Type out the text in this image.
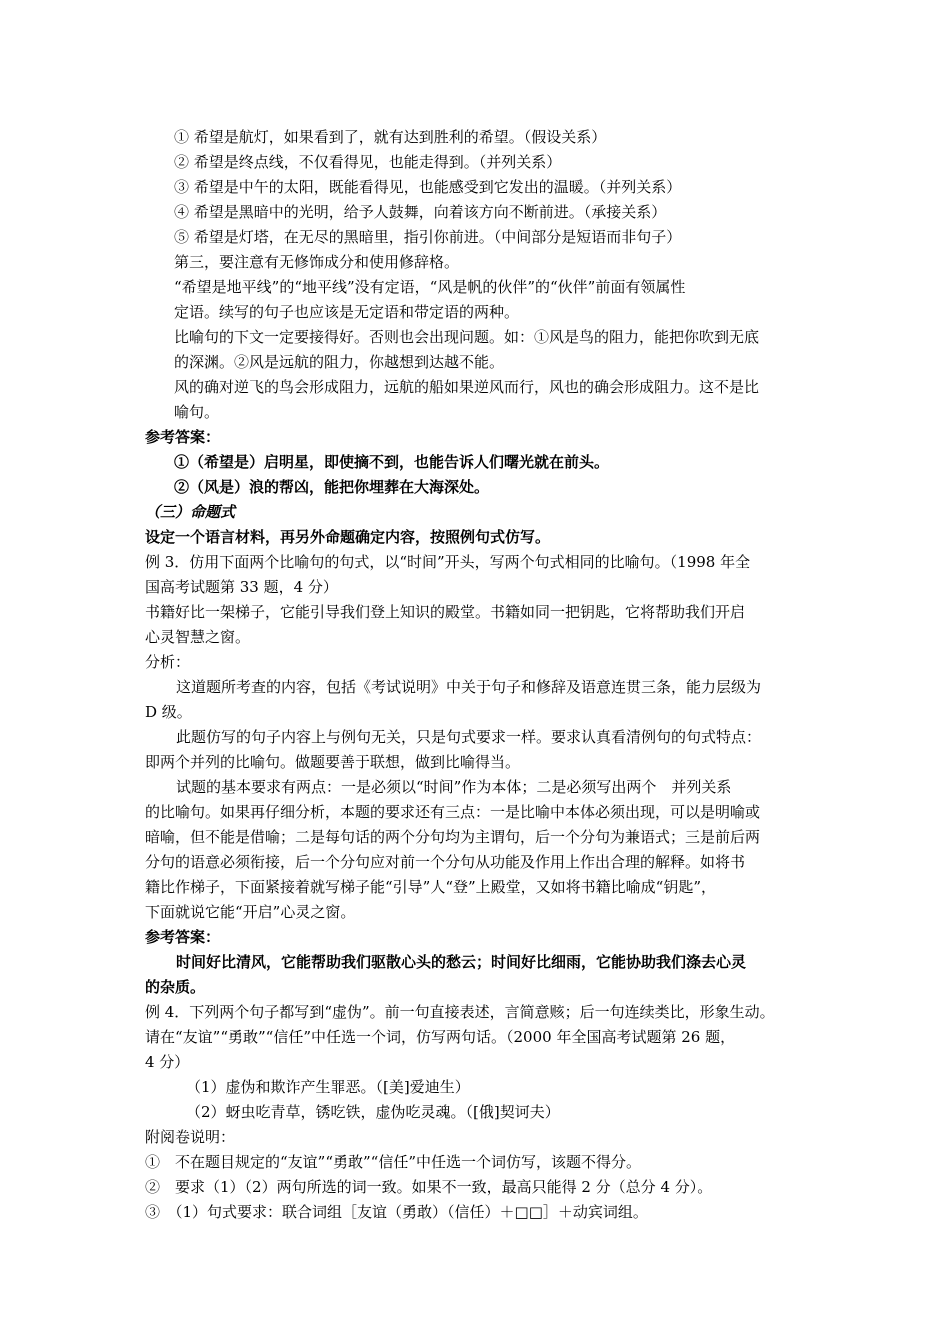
① 希望是航灯，如果看到了，就有达到胜利的希望。（假设关系）
② 希望是终点线，不仅看得见，也能走得到。（并列关系）
③ 希望是中午的太阳，既能看得见，也能感受到它发出的温暖。（并列关系）
④ 希望是黑暗中的光明，给予人鼓舞，向着该方向不断前进。（承接关系）
⑤ 希望是灯塔，在无尽的黑暗里，指引你前进。（中间部分是短语而非句子）
第三，要注意有无修饰成分和使用修辞格。
“希望是地平线”的“地平线”没有定语，“风是帆的伙伴”的“伙伴”前面有领属性
定语。续写的句子也应该是无定语和带定语的两种。
比喻句的下文一定要接得好。否则也会出现问题。如：①风是鸟的阻力，能把你吹到无底
的深渊。②风是远航的阻力，你越想到达越不能。
风的确对逆飞的鸟会形成阻力，远航的船如果逆风而行，风也的确会形成阻力。这不是比
喻句。
参考答案：
①（希望是）启明星，即使摘不到，也能告诉人们曙光就在前头。
②（风是）浪的帮凶，能把你埋葬在大海深处。
（三）命题式
设定一个语言材料，再另外命题确定内容，按照例句式仿写。
例 3．仿用下面两个比喻句的句式，以“时间”开头，写两个句式相同的比喻句。（1998 年全
国高考试题第 33 题，4 分）
书籍好比一架梯子，它能引导我们登上知识的殿堂。书籍如同一把钥匙，它将帮助我们开启
心灵智慧之窗。
分析：
这道题所考查的内容，包括《考试说明》中关于句子和修辞及语意连贯三条，能力层级为
D 级。
此题仿写的句子内容上与例句无关，只是句式要求一样。要求认真看清例句的句式特点：
即两个并列的比喻句。做题要善于联想，做到比喻得当。
试题的基本要求有两点：一是必须以“时间”作为本体；二是必须写出两个　并列关系
的比喻句。如果再仔细分析，本题的要求还有三点：一是比喻中本体必须出现，可以是明喻或
暗喻，但不能是借喻；二是每句话的两个分句均为主谓句，后一个分句为兼语式；三是前后两
分句的语意必须衔接，后一个分句应对前一个分句从功能及作用上作出合理的解释。如将书
籍比作梯子，下面紧接着就写梯子能“引导”人“登”上殿堂，又如将书籍比喻成“钥匙”，
下面就说它能“开启”心灵之窗。
参考答案：
时间好比清风，它能帮助我们驱散心头的愁云；时间好比细雨，它能协助我们涤去心灵
的杂质。
例 4．下列两个句子都写到“虚伪”。前一句直接表述，言简意赅；后一句连续类比，形象生动。
请在“友谊”“勇敢”“信任”中任选一个词，仿写两句话。（2000 年全国高考试题第 26 题，
4 分）
（1）虚伪和欺诈产生罪恶。（[美]爱迪生）
（2）蚜虫吃青草，锈吃铁，虚伪吃灵魂。（[俄]契诃夫）
附阅卷说明：
①　不在题目规定的“友谊”“勇敢”“信任”中任选一个词仿写，该题不得分。
②　要求（1）（2）两句所选的词一致。如果不一致，最高只能得 2 分（总分 4 分）。
③　（1）句式要求：联合词组［友谊（勇敢）（信任）＋□□］＋动宾词组。
